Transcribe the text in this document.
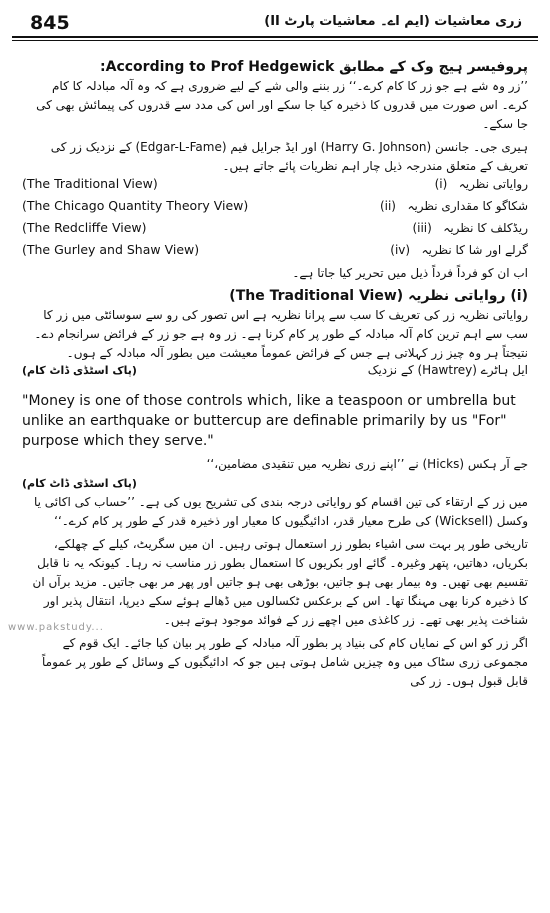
845	زری معاشیات (ایم اے۔ معاشیات پارٹ II)

پروفیسر ہیج وک کے مطابق According to Prof Hedgewick:

’’زر وہ شے ہے جو زر کا کام کرے۔‘‘ زر بننے والی شے کے لیے ضروری ہے کہ وہ آلہ مبادلہ کا کام کرے۔ اس صورت میں قدروں کا ذخیرہ کیا جا سکے اور اس کی مدد سے قدروں کی پیمائش بھی کی جا سکے۔

ہیری جی۔ جانسن (Harry G. Johnson) اور ایڈ جرایل فیم (Edgar-L-Fame) کے نزدیک زر کی تعریف کے متعلق مندرجہ ذیل چار اہم نظریات پائے جاتے ہیں۔

(The Traditional View)	روایاتی نظریہ   (i)
(The Chicago Quantity Theory View)	شکاگو کا مقداری نظریہ   (ii)
(The Redcliffe View)	ریڈکلف کا نظریہ   (iii)
(The Gurley and Shaw View)	گرلے اور شا کا نظریہ   (iv)

اب ان کو فرداً فرداً ذیل میں تحریر کیا جاتا ہے۔

(i) روایاتی نظریہ (The Traditional View)

روایاتی نظریہ زر کی تعریف کا سب سے پرانا نظریہ ہے اس تصور کی رو سے سوسائٹی میں زر کا سب سے اہم ترین کام آلہ مبادلہ کے طور پر کام کرنا ہے۔ زر وہ ہے جو زر کے فرائض سرانجام دے۔ نتیجتاً ہر وہ چیز زر کہلاتی ہے جس کے فرائض عموماً معیشت میں بطور آلہ مبادلہ کے ہوں۔

(پاک اسٹڈی ڈاٹ کام)	ایل ہاٹرے (Hawtrey) کے نزدیک

"Money is one of those controls which, like a teaspoon or umbrella but unlike an earthquake or buttercup are definable primarily by us "For" purpose which they serve."

جے آر ہکس (Hicks) نے ’’اپنے زری نظریہ میں تنقیدی مضامین،‘‘

(پاک اسٹڈی ڈاٹ کام)

میں زر کے ارتقاء کی تین اقسام کو روایاتی درجہ بندی کی تشریح یوں کی ہے۔ ’’حساب کی اکائی یا وکسل (Wicksell) کی طرح معیار قدر، ادائیگیوں کا معیار اور ذخیرہ قدر کے طور پر کام کرے۔‘‘

تاریخی طور پر بہت سی اشیاء بطور زر استعمال ہوتی رہیں۔ ان میں سگریٹ، کیلے کے چھلکے، بکریاں، دھاتیں، پتھر وغیرہ۔ گائے اور بکریوں کا استعمال بطور زر مناسب نہ رہا۔ کیونکہ یہ نا قابل تقسیم بھی تھیں۔ وہ بیمار بھی ہو جاتیں، بوڑھی بھی ہو جاتیں اور پھر مر بھی جاتیں۔ مزید برآں ان کا ذخیرہ کرنا بھی مہنگا تھا۔ اس کے برعکس ٹکسالوں میں ڈھالے ہوئے سکے دیرپا، انتقال پذیر اور شناخت پذیر بھی تھے۔ زر کاغذی میں اچھے زر کے فوائد موجود ہوتے ہیں۔

اگر زر کو اس کے نمایاں کام کی بنیاد پر بطور آلہ مبادلہ کے طور پر بیان کیا جائے۔ ایک قوم کے مجموعی زری سٹاک میں وہ چیزیں شامل ہوتی ہیں جو کہ ادائیگیوں کے وسائل کے طور پر عموماً قابل قبول ہوں۔ زر کی

www.pakstudy...
